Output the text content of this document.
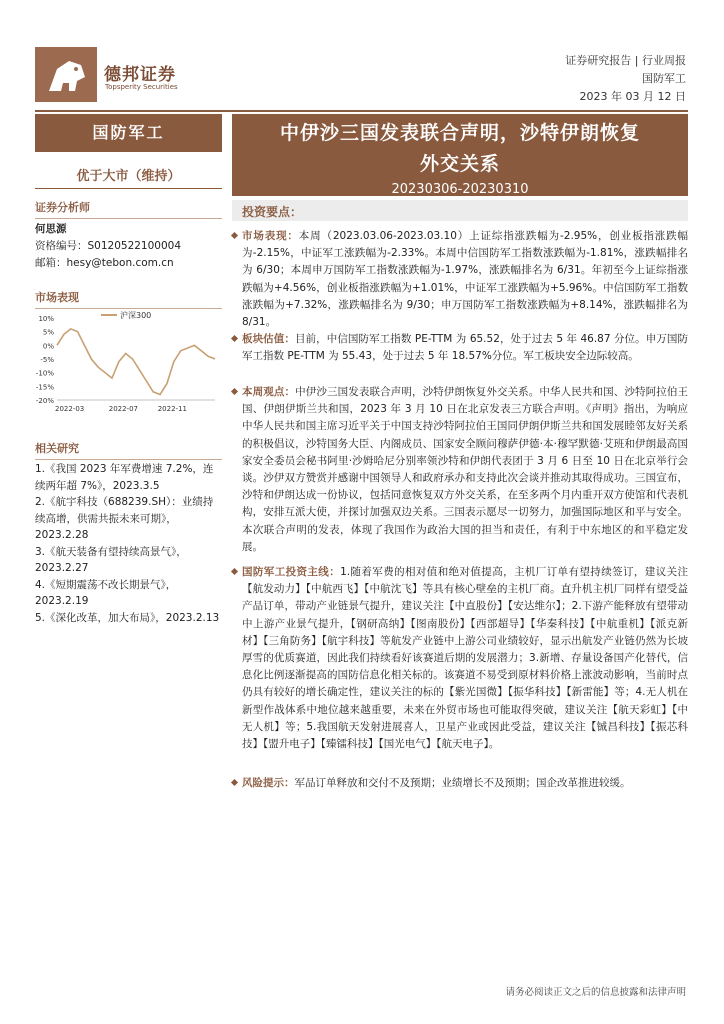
德邦证券
Topsperity Securities
证券研究报告 | 行业周报
国防军工
2023 年 03 月 12 日
国防军工
优于大市（维持）
证券分析师
何思源
资格编号：S0120522100004
邮箱：hesy@tebon.com.cn
市场表现
10%
5%
0%
-5%
-10%
-15%
-20%
2022-03	2022-07	2022-11
沪深300
相关研究
1.《我国 2023 年军费增速 7.2%，连续两年超 7%》，2023.3.5
2.《航宇科技（688239.SH）：业绩持续高增，供需共振未来可期》，2023.2.28
3.《航天装备有望持续高景气》，2023.2.27
4.《短期震荡不改长期景气》，2023.2.19
5.《深化改革，加大布局》，2023.2.13
中伊沙三国发表联合声明，沙特伊朗恢复
外交关系
20230306-20230310
投资要点：
市场表现：本周（2023.03.06-2023.03.10）上证综指涨跌幅为-2.95%，创业板指涨跌幅为-2.15%，中证军工涨跌幅为-2.33%。本周中信国防军工指数涨跌幅为-1.81%，涨跌幅排名为 6/30；本周申万国防军工指数涨跌幅为-1.97%，涨跌幅排名为 6/31。年初至今上证综指涨跌幅为+4.56%，创业板指涨跌幅为+1.01%，中证军工涨跌幅为+5.96%。中信国防军工指数涨跌幅为+7.32%，涨跌幅排名为 9/30；申万国防军工指数涨跌幅为+8.14%，涨跌幅排名为 8/31。
板块估值：目前，中信国防军工指数 PE-TTM 为 65.52，处于过去 5 年 46.87 分位。申万国防军工指数 PE-TTM 为 55.43，处于过去 5 年 18.57%分位。军工板块安全边际较高。
本周观点：中伊沙三国发表联合声明，沙特伊朗恢复外交关系。中华人民共和国、沙特阿拉伯王国、伊朗伊斯兰共和国，2023 年 3 月 10 日在北京发表三方联合声明。《声明》指出，为响应中华人民共和国主席习近平关于中国支持沙特阿拉伯王国同伊朗伊斯兰共和国发展睦邻友好关系的积极倡议，沙特国务大臣、内阁成员、国家安全顾问穆萨伊德·本·穆罕默德·艾班和伊朗最高国家安全委员会秘书阿里·沙姆哈尼分别率领沙特和伊朗代表团于 3 月 6 日至 10 日在北京举行会谈。沙伊双方赞赏并感谢中国领导人和政府承办和支持此次会谈并推动其取得成功。三国宣布，沙特和伊朗达成一份协议，包括同意恢复双方外交关系，在至多两个月内重开双方使馆和代表机构，安排互派大使，并探讨加强双边关系。三国表示愿尽一切努力，加强国际地区和平与安全。本次联合声明的发表，体现了我国作为政治大国的担当和责任，有利于中东地区的和平稳定发展。
国防军工投资主线：1.随着军费的相对值和绝对值提高，主机厂订单有望持续签订，建议关注【航发动力】【中航西飞】【中航沈飞】等具有核心壁垒的主机厂商。直升机主机厂同样有望受益产品订单，带动产业链景气提升，建议关注【中直股份】【安达维尔】；2.下游产能释放有望带动中上游产业景气提升，【钢研高纳】【图南股份】【西部超导】【华秦科技】【中航重机】【派克新材】【三角防务】【航宇科技】等航发产业链中上游公司业绩较好，显示出航发产业链仍然为长坡厚雪的优质赛道，因此我们持续看好该赛道后期的发展潜力；3.新增、存量设备国产化替代，信息化比例逐渐提高的国防信息化相关标的。该赛道不易受到原材料价格上涨波动影响，当前时点仍具有较好的增长确定性，建议关注的标的【紫光国微】【振华科技】【新雷能】等；4.无人机在新型作战体系中地位越来越重要，未来在外贸市场也可能取得突破，建议关注【航天彩虹】【中无人机】等；5.我国航天发射进展喜人，卫星产业或因此受益，建议关注【铖昌科技】【振芯科技】【盟升电子】【臻镭科技】【国光电气】【航天电子】。
风险提示：军品订单释放和交付不及预期；业绩增长不及预期；国企改革推进较缓。
请务必阅读正文之后的信息披露和法律声明
